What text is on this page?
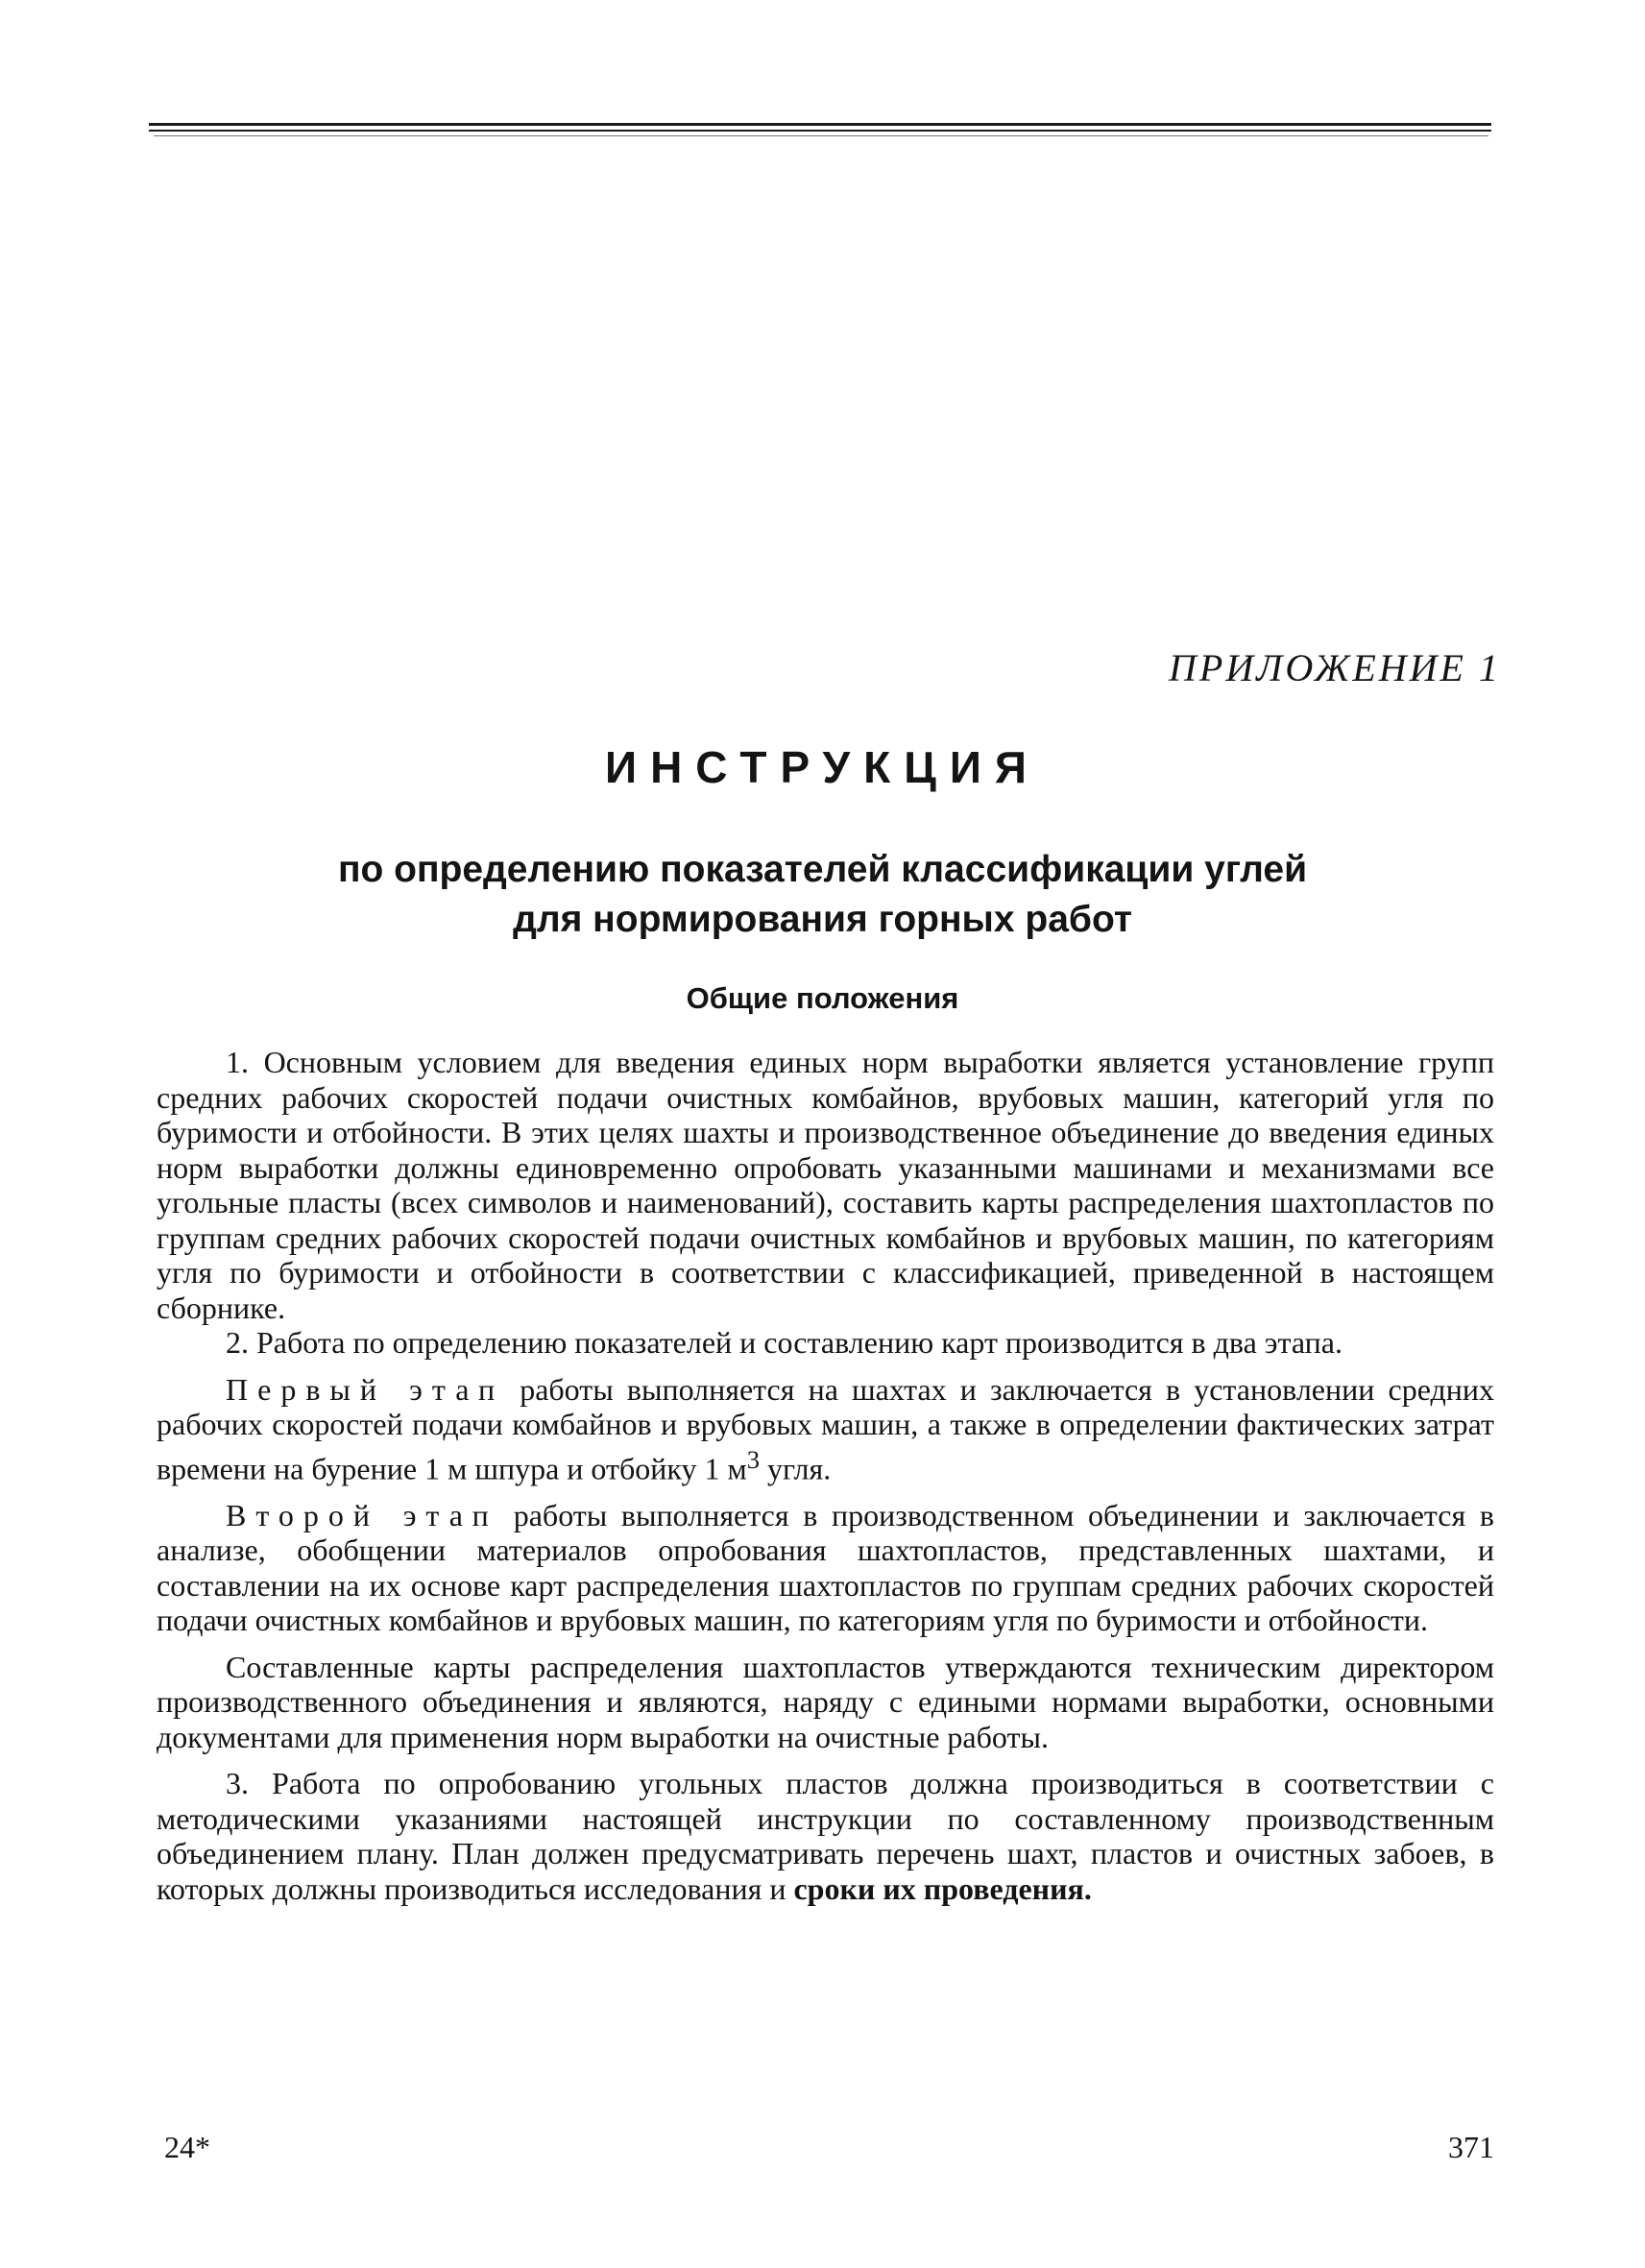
ПРИЛОЖЕНИЕ 1
ИНСТРУКЦИЯ
по определению показателей классификации углей
для нормирования горных работ
Общие положения

1. Основным условием для введения единых норм выработки является установление групп средних рабочих скоростей подачи очистных комбайнов, врубовых машин, категорий угля по буримости и отбойности. В этих целях шахты и производственное объединение до введения единых норм выработки должны единовременно опробовать указанными машинами и механизмами все угольные пласты (всех символов и наименований), составить карты распределения шахтопластов по группам средних рабочих скоростей подачи очистных комбайнов и врубовых машин, по категориям угля по буримости и отбойности в соответствии с классификацией, приведенной в настоящем сборнике.

2. Работа по определению показателей и составлению карт производится в два этапа.

Первый этап работы выполняется на шахтах и заключается в установлении средних рабочих скоростей подачи комбайнов и врубовых машин, а также в определении фактических затрат времени на бурение 1 м шпура и отбойку 1 $м^3$ угля.

Второй этап работы выполняется в производственном объединении и заключается в анализе, обобщении материалов опробования шахтопластов, представленных шахтами, и составлении на их основе карт распределения шахтопластов по группам средних рабочих скоростей подачи очистных комбайнов и врубовых машин, по категориям угля по буримости и отбойности.

Составленные карты распределения шахтопластов утверждаются техническим директором производственного объединения и являются, наряду с едиными нормами выработки, основными документами для применения норм выработки на очистные работы.

3. Работа по опробованию угольных пластов должна производиться в соответствии с методическими указаниями настоящей инструкции по составленному производственным объединением плану. План должен предусматривать перечень шахт, пластов и очистных забоев, в которых должны производиться исследования и сроки их проведения.

24*	371
